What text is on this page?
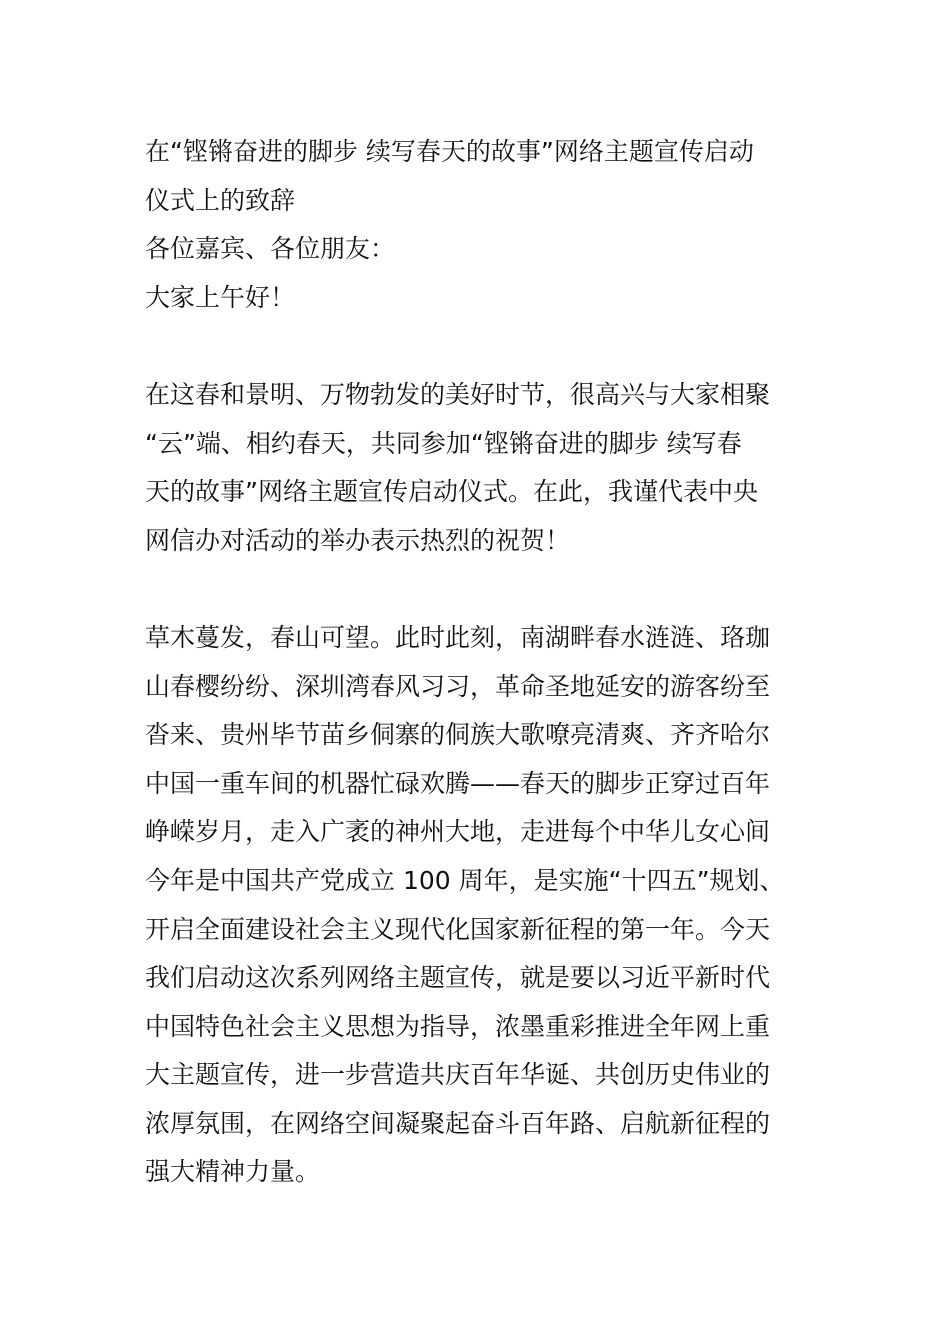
在“铿锵奋进的脚步 续写春天的故事”网络主题宣传启动
仪式上的致辞
各位嘉宾、各位朋友：
大家上午好！
在这春和景明、万物勃发的美好时节，很高兴与大家相聚
“云”端、相约春天，共同参加“铿锵奋进的脚步 续写春
天的故事”网络主题宣传启动仪式。在此，我谨代表中央
网信办对活动的举办表示热烈的祝贺！
草木蔓发，春山可望。此时此刻，南湖畔春水涟涟、珞珈
山春樱纷纷、深圳湾春风习习，革命圣地延安的游客纷至
沓来、贵州毕节苗乡侗寨的侗族大歌嘹亮清爽、齐齐哈尔
中国一重车间的机器忙碌欢腾——春天的脚步正穿过百年
峥嵘岁月，走入广袤的神州大地，走进每个中华儿女心间
今年是中国共产党成立 100 周年，是实施“十四五”规划、
开启全面建设社会主义现代化国家新征程的第一年。今天
我们启动这次系列网络主题宣传，就是要以习近平新时代
中国特色社会主义思想为指导，浓墨重彩推进全年网上重
大主题宣传，进一步营造共庆百年华诞、共创历史伟业的
浓厚氛围，在网络空间凝聚起奋斗百年路、启航新征程的
强大精神力量。
